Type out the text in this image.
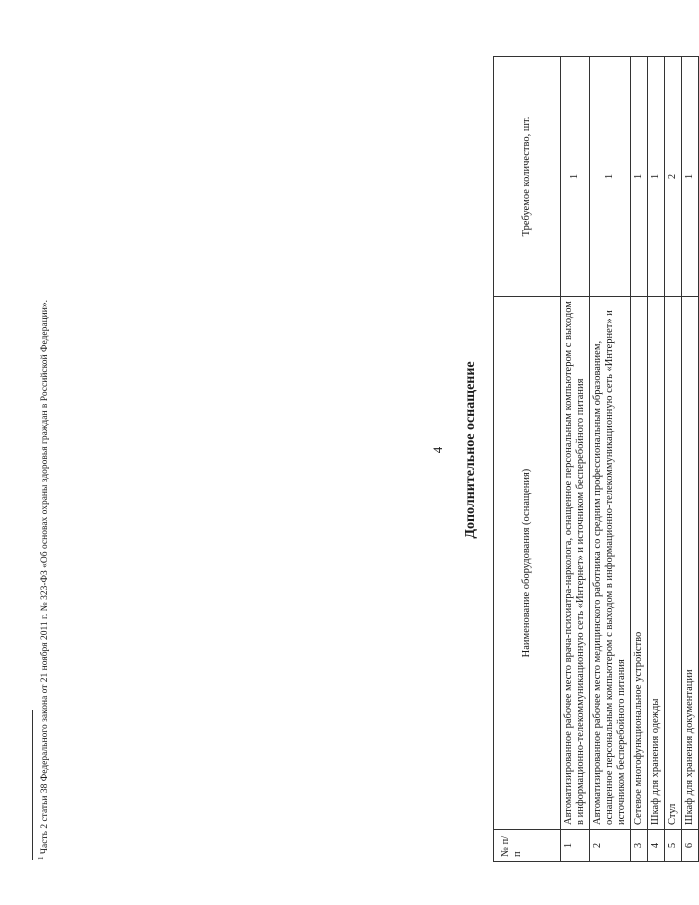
$^1$ Часть 2 статьи 38 Федерального закона от 21 ноября 2011 г. № 323-ФЗ «Об основах охраны здоровья граждан в Российской Федерации».	4 Дополнительное оснащение
№ п/п	Наименование оборудования (оснащения)	Требуемое количество, шт.
1	Автоматизированное рабочее место врача-психиатра-нарколога, оснащенное персональным компьютером с выходом в информационно-телекоммуникационную сеть «Интернет» и источником бесперебойного питания	1
2	Автоматизированное рабочее место медицинского работника со средним профессиональным образованием, оснащенное персональным компьютером с выходом в информационно-телекоммуникационную сеть «Интернет» и источником бесперебойного питания	1
3	Сетевое многофункциональное устройство	1
4	Шкаф для хранения одежды	1
5	Стул	2
6	Шкаф для хранения документации	1
